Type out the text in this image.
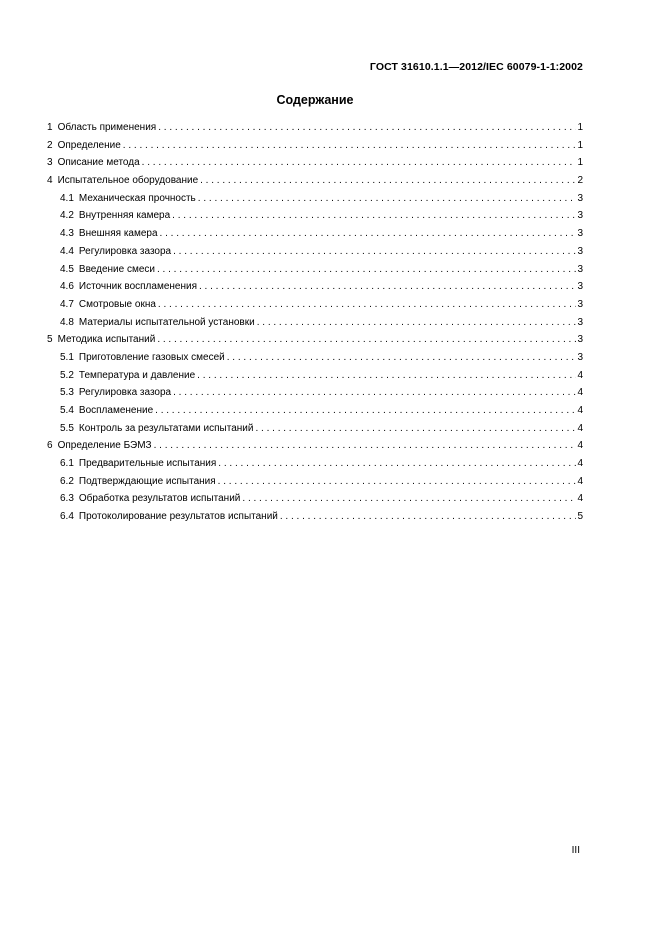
ГОСТ 31610.1.1—2012/IEC 60079-1-1:2002
Содержание
1 Область применения . . .	1
2 Определение . . .	1
3 Описание метода . . .	1
4 Испытательное оборудование . . .	2
4.1 Механическая прочность . . .	3
4.2 Внутренняя камера . . .	3
4.3 Внешняя камера . . .	3
4.4 Регулировка зазора . . .	3
4.5 Введение смеси . . .	3
4.6 Источник воспламенения . . .	3
4.7 Смотровые окна . . .	3
4.8 Материалы испытательной установки . . .	3
5 Методика испытаний . . .	3
5.1 Приготовление газовых смесей . . .	3
5.2 Температура и давление . . .	4
5.3 Регулировка зазора . . .	4
5.4 Воспламенение . . .	4
5.5 Контроль за результатами испытаний . . .	4
6 Определение БЭМЗ . . .	4
6.1 Предварительные испытания . . .	4
6.2 Подтверждающие испытания . . .	4
6.3 Обработка результатов испытаний . . .	4
6.4 Протоколирование результатов испытаний . . .	5
III
